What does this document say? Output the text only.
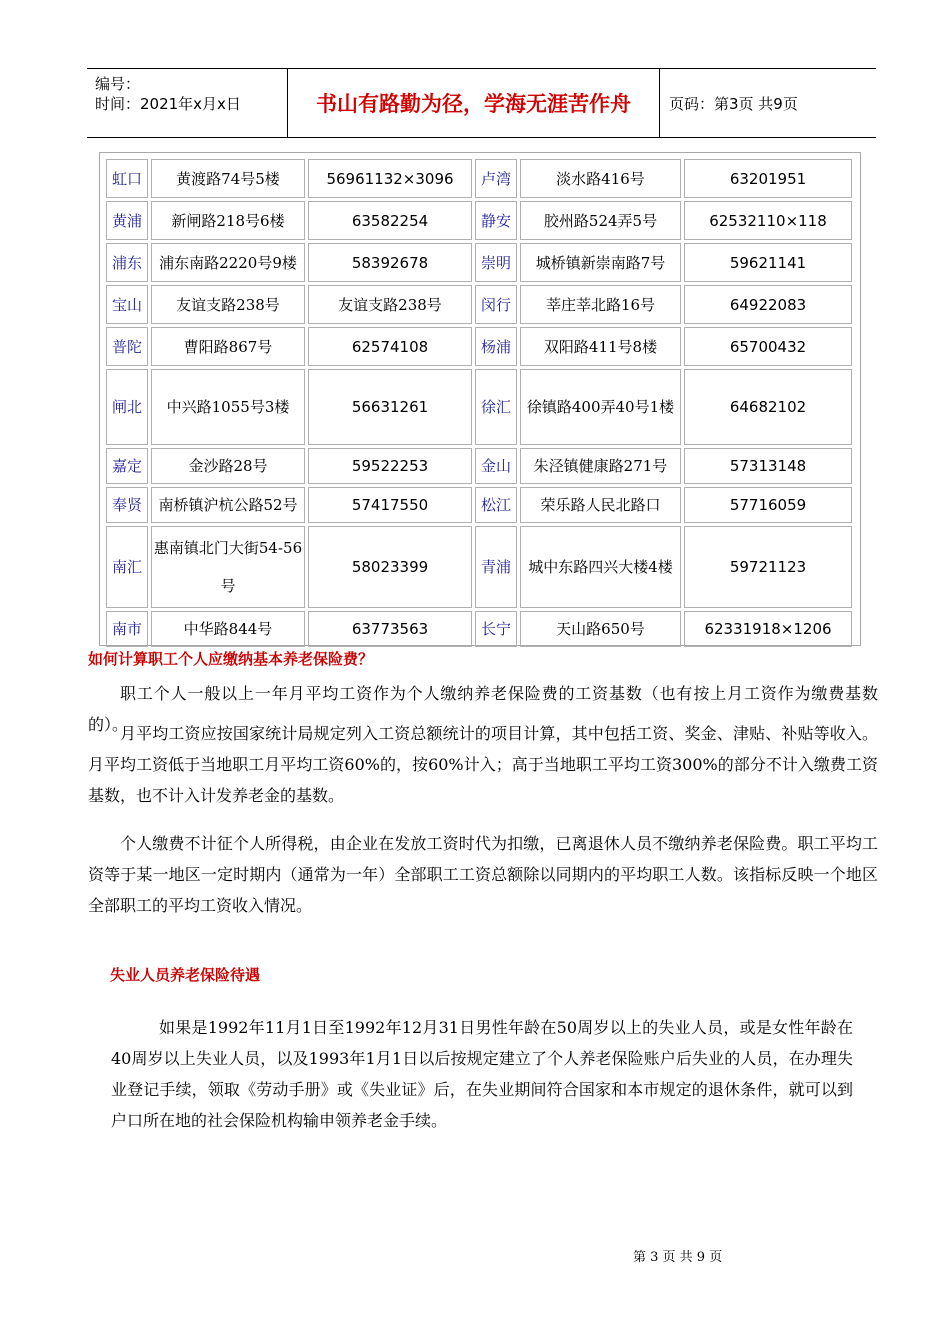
编号：
时间：2021年x月x日	书山有路勤为径，学海无涯苦作舟	页码：第3页 共9页
虹口	黄渡路74号5楼	56961132×3096	卢湾	淡水路416号	63201951
黄浦	新闸路218号6楼	63582254	静安	胶州路524弄5号	62532110×118
浦东	浦东南路2220号9楼	58392678	崇明	城桥镇新崇南路7号	59621141
宝山	友谊支路238号	友谊支路238号	闵行	莘庄莘北路16号	64922083
普陀	曹阳路867号	62574108	杨浦	双阳路411号8楼	65700432
闸北	中兴路1055号3楼	56631261	徐汇	徐镇路400弄40号1楼	64682102
嘉定	金沙路28号	59522253	金山	朱泾镇健康路271号	57313148
奉贤	南桥镇沪杭公路52号	57417550	松江	荣乐路人民北路口	57716059
南汇	惠南镇北门大街54-56号	58023399	青浦	城中东路四兴大楼4楼	59721123
南市	中华路844号	63773563	长宁	天山路650号	62331918×1206
如何计算职工个人应缴纳基本养老保险费？
职工个人一般以上一年月平均工资作为个人缴纳养老保险费的工资基数（也有按上月工资作为缴费基数的）。
月平均工资应按国家统计局规定列入工资总额统计的项目计算，其中包括工资、奖金、津贴、补贴等收入。月平均工资低于当地职工月平均工资60%的，按60%计入；高于当地职工平均工资300%的部分不计入缴费工资基数，也不计入计发养老金的基数。
个人缴费不计征个人所得税，由企业在发放工资时代为扣缴，已离退休人员不缴纳养老保险费。职工平均工资等于某一地区一定时期内（通常为一年）全部职工工资总额除以同期内的平均职工人数。该指标反映一个地区全部职工的平均工资收入情况。
失业人员养老保险待遇
如果是1992年11月1日至1992年12月31日男性年龄在50周岁以上的失业人员，或是女性年龄在40周岁以上失业人员，以及1993年1月1日以后按规定建立了个人养老保险账户后失业的人员，在办理失业登记手续，领取《劳动手册》或《失业证》后，在失业期间符合国家和本市规定的退休条件，就可以到户口所在地的社会保险机构输申领养老金手续。
第 3 页 共 9 页
